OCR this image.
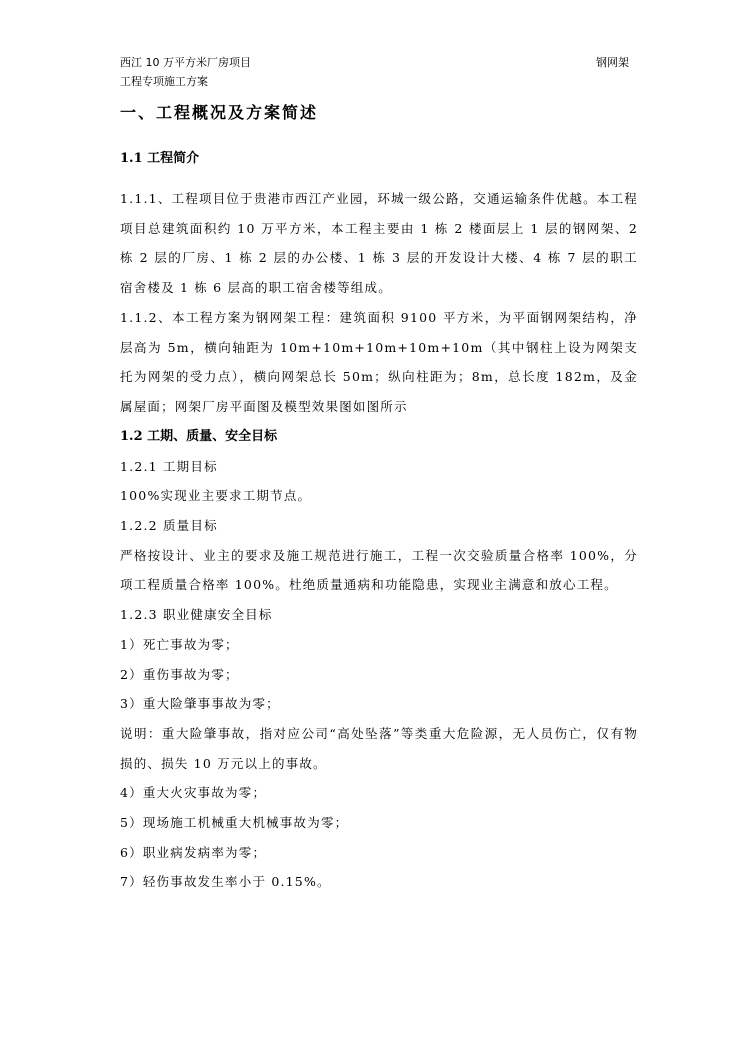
西江 10 万平方米厂房项目
工程专项施工方案
钢网架
一、工程概况及方案简述
1.1 工程简介

1.1.1、工程项目位于贵港市西江产业园，环城一级公路，交通运输条件优越。本工程项目总建筑面积约 10 万平方米，本工程主要由 1 栋 2 楼面层上 1 层的钢网架、2 栋 2 层的厂房、1 栋 2 层的办公楼、1 栋 3 层的开发设计大楼、4 栋 7 层的职工宿舍楼及 1 栋 6 层高的职工宿舍楼等组成。

1.1.2、本工程方案为钢网架工程：建筑面积 9100 平方米，为平面钢网架结构，净层高为 5m，横向轴距为 10m+10m+10m+10m+10m（其中钢柱上设为网架支托为网架的受力点），横向网架总长 50m；纵向柱距为；8m，总长度 182m，及金属屋面；网架厂房平面图及模型效果图如图所示

1.2 工期、质量、安全目标

1.2.1 工期目标

100%实现业主要求工期节点。

1.2.2 质量目标

严格按设计、业主的要求及施工规范进行施工，工程一次交验质量合格率 100%，分项工程质量合格率 100%。杜绝质量通病和功能隐患，实现业主满意和放心工程。

1.2.3 职业健康安全目标

1）死亡事故为零；

2）重伤事故为零；

3）重大险肇事事故为零；

说明：重大险肇事故，指对应公司“高处坠落”等类重大危险源，无人员伤亡，仅有物损的、损失 10 万元以上的事故。

4）重大火灾事故为零；

5）现场施工机械重大机械事故为零；

6）职业病发病率为零；

7）轻伤事故发生率小于 0.15%。
